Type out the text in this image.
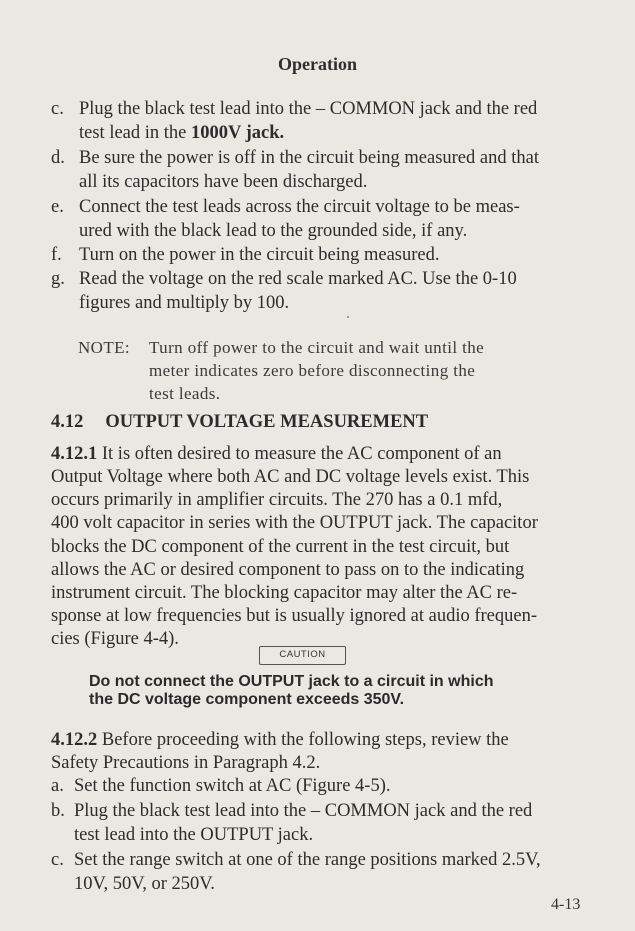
Operation
c. Plug the black test lead into the – COMMON jack and the red
test lead in the 1000V jack.
d. Be sure the power is off in the circuit being measured and that
all its capacitors have been discharged.
e. Connect the test leads across the circuit voltage to be meas-
ured with the black lead to the grounded side, if any.
f. Turn on the power in the circuit being measured.
g. Read the voltage on the red scale marked AC. Use the 0-10
figures and multiply by 100.
NOTE: Turn off power to the circuit and wait until the
meter indicates zero before disconnecting the
test leads.
4.12 OUTPUT VOLTAGE MEASUREMENT
4.12.1 It is often desired to measure the AC component of an
Output Voltage where both AC and DC voltage levels exist. This
occurs primarily in amplifier circuits. The 270 has a 0.1 mfd,
400 volt capacitor in series with the OUTPUT jack. The capacitor
blocks the DC component of the current in the test circuit, but
allows the AC or desired component to pass on to the indicating
instrument circuit. The blocking capacitor may alter the AC re-
sponse at low frequencies but is usually ignored at audio frequen-
cies (Figure 4-4).
CAUTION
Do not connect the OUTPUT jack to a circuit in which
the DC voltage component exceeds 350V.
4.12.2 Before proceeding with the following steps, review the
Safety Precautions in Paragraph 4.2.
a. Set the function switch at AC (Figure 4-5).
b. Plug the black test lead into the – COMMON jack and the red
test lead into the OUTPUT jack.
c. Set the range switch at one of the range positions marked 2.5V,
10V, 50V, or 250V.
4-13
